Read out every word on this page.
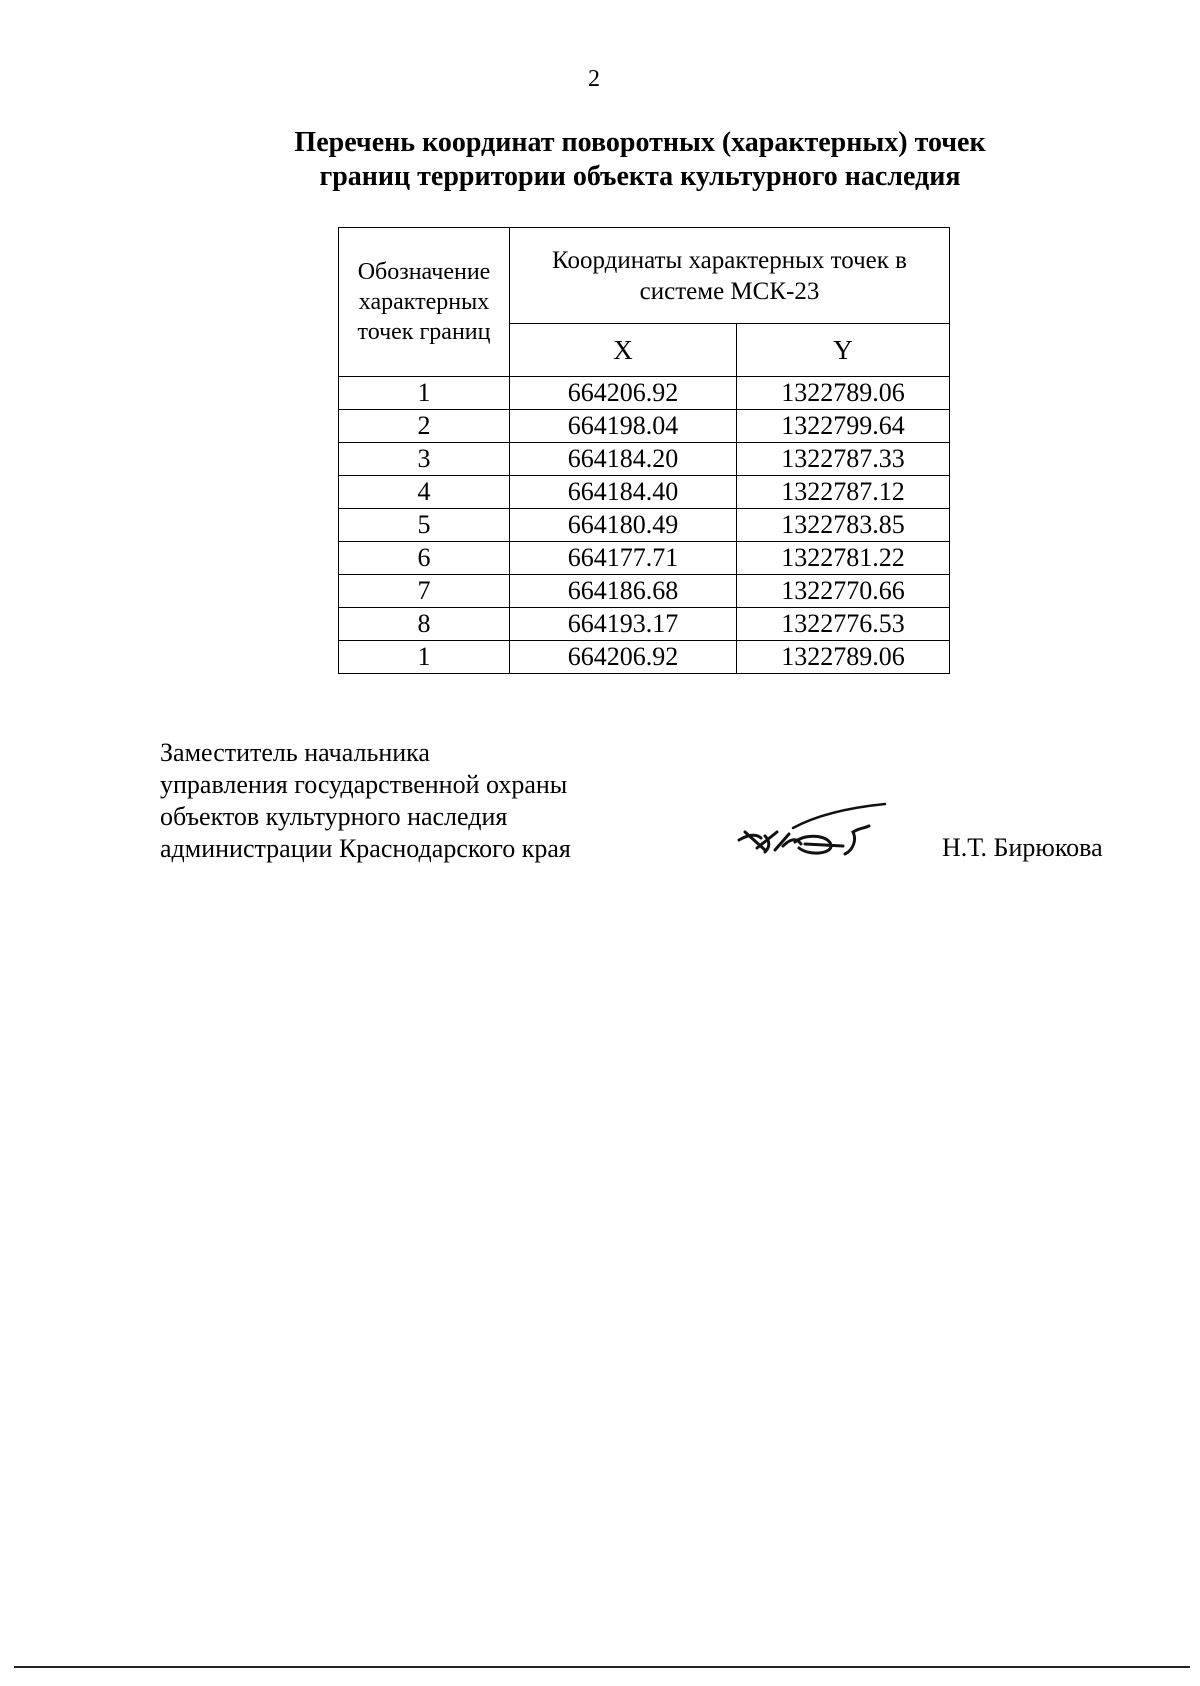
2
Перечень координат поворотных (характерных) точек
границ территории объекта культурного наследия
Обозначение характерных точек границ	Координаты характерных точек в системе МСК-23	
	X	Y
1	664206.92	1322789.06
2	664198.04	1322799.64
3	664184.20	1322787.33
4	664184.40	1322787.12
5	664180.49	1322783.85
6	664177.71	1322781.22
7	664186.68	1322770.66
8	664193.17	1322776.53
1	664206.92	1322789.06
Заместитель начальника
управления государственной охраны
объектов культурного наследия
администрации Краснодарского края	Н.Т. Бирюкова
